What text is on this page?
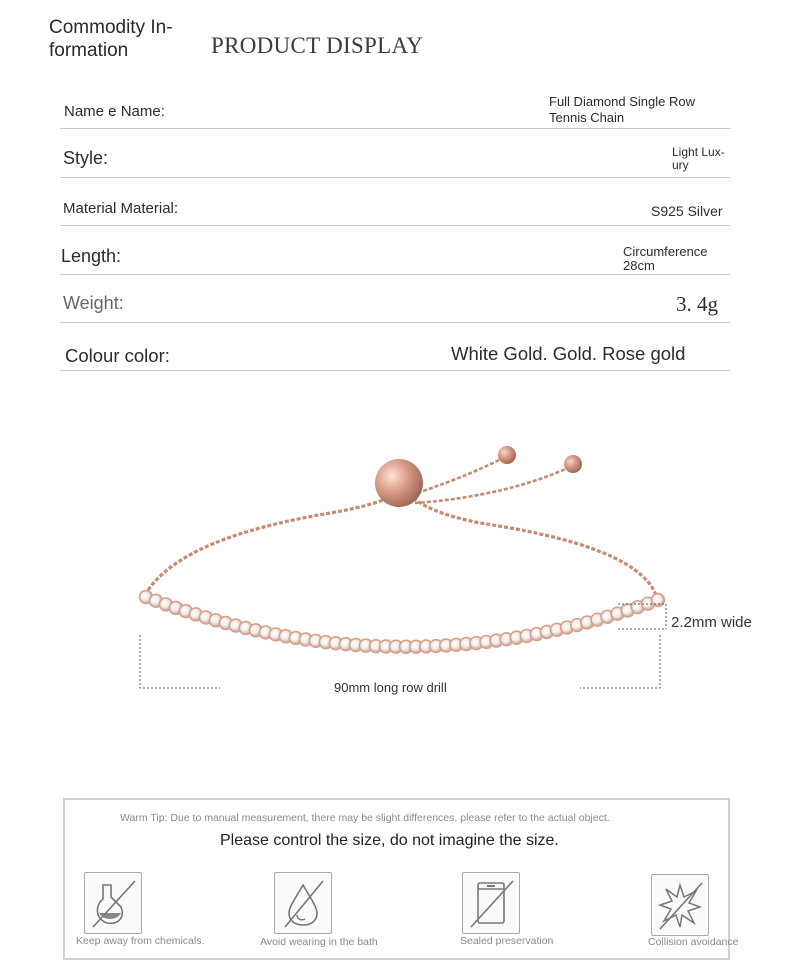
Commodity In- formation	PRODUCT DISPLAY
Name e Name:
Full Diamond Single Row Tennis Chain
Style:	Light Lux- ury
Material Material:	S925 Silver
Length:	Circumference 28cm
Weight:	3. 4g
Colour color:	White Gold. Gold. Rose gold
2.2mm wide
90mm long row drill
Warm Tip: Due to manual measurement, there may be slight differences, please refer to the actual object.
Please control the size, do not imagine the size.
Keep away from chemicals.	Avoid wearing in the bath	Sealed preservation	Collision avoidance
